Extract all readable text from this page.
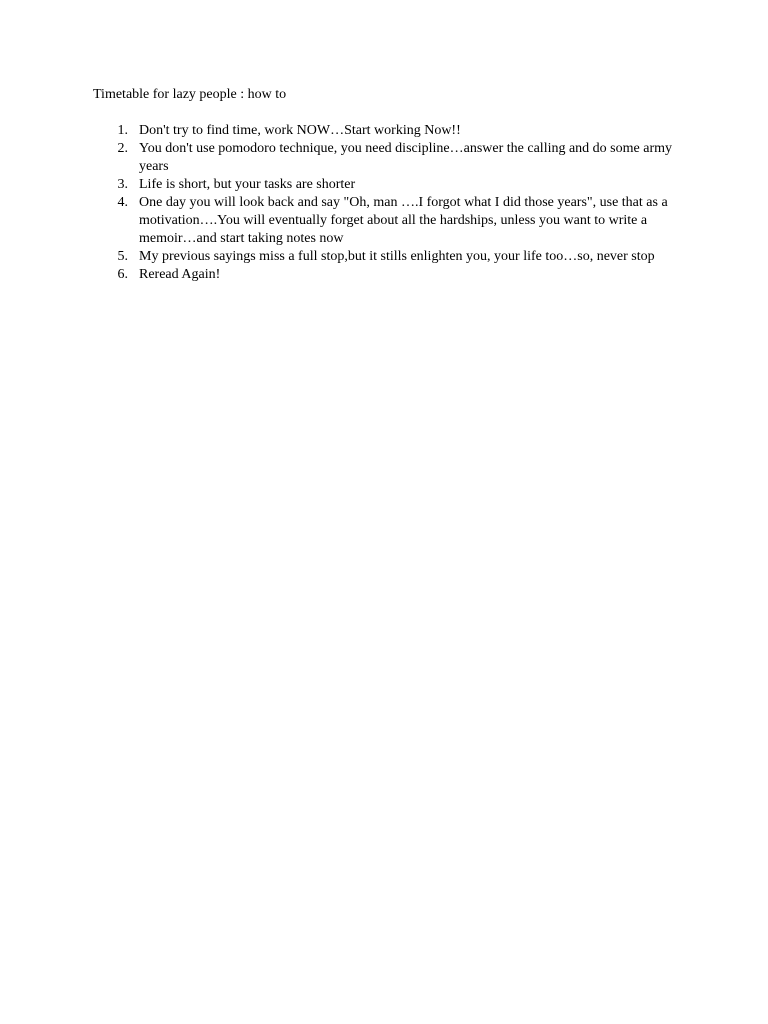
Timetable for lazy people : how to

1. Don't try to find time, work NOW…Start working Now!!
2. You don't use pomodoro technique, you need discipline…answer the calling and do some army years
3. Life is short, but your tasks are shorter
4. One day you will look back and say "Oh, man ….I forgot what I did those years", use that as a motivation….You will eventually forget about all the hardships, unless you want to write a memoir…and start taking notes now
5. My previous sayings miss a full stop,but it stills enlighten you, your life too…so, never stop
6. Reread Again!
